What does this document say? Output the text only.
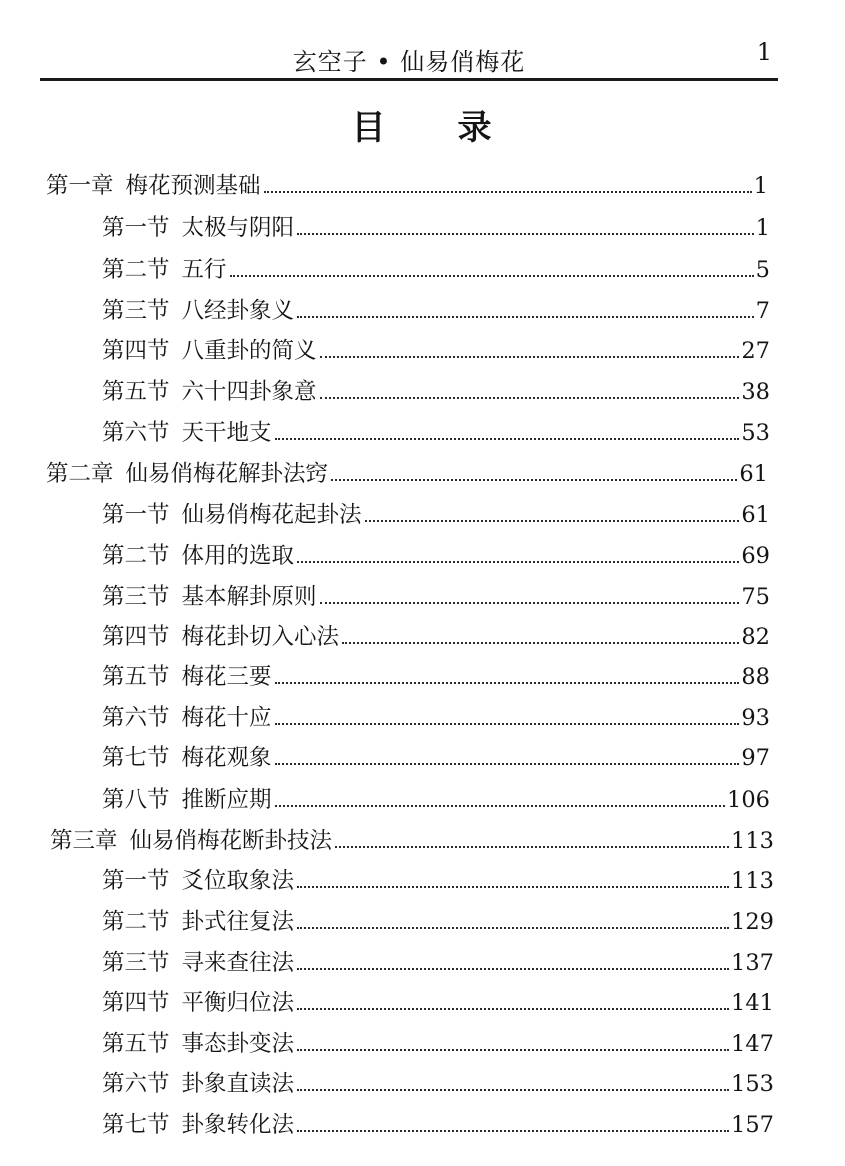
玄空子 • 仙易俏梅花	1
目 录
第一章 梅花预测基础	1
第一节 太极与阴阳	1
第二节 五行	5
第三节 八经卦象义	7
第四节 八重卦的简义	27
第五节 六十四卦象意	38
第六节 天干地支	53
第二章 仙易俏梅花解卦法窍	61
第一节 仙易俏梅花起卦法	61
第二节 体用的选取	69
第三节 基本解卦原则	75
第四节 梅花卦切入心法	82
第五节 梅花三要	88
第六节 梅花十应	93
第七节 梅花观象	97
第八节 推断应期	106
第三章 仙易俏梅花断卦技法	113
第一节 爻位取象法	113
第二节 卦式往复法	129
第三节 寻来查往法	137
第四节 平衡归位法	141
第五节 事态卦变法	147
第六节 卦象直读法	153
第七节 卦象转化法	157
